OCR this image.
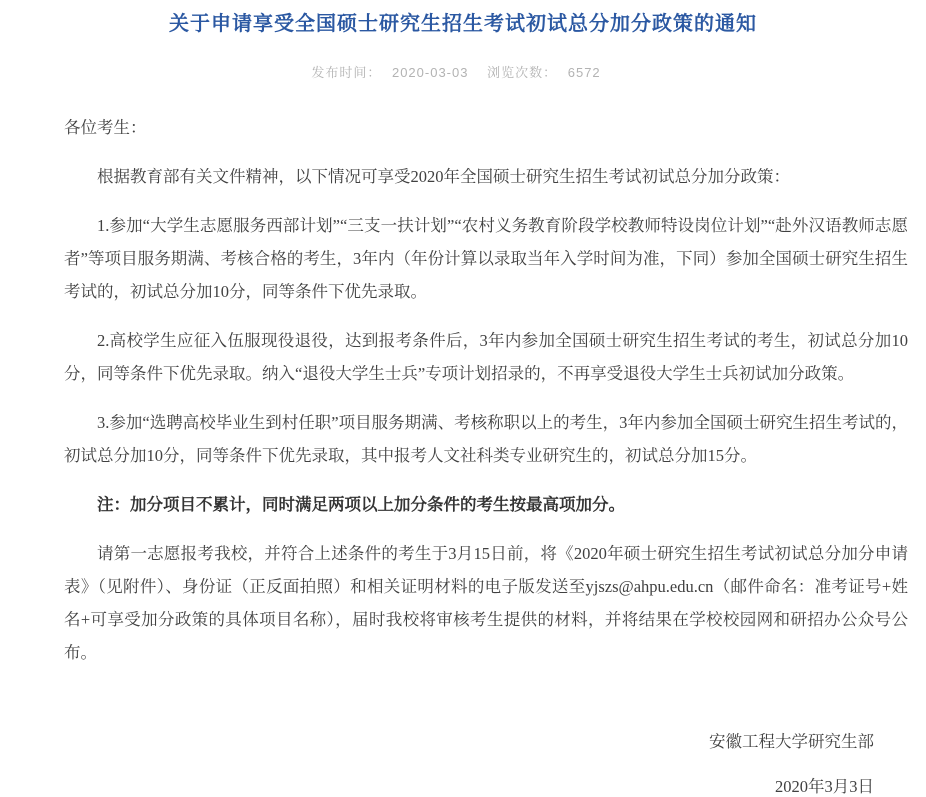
关于申请享受全国硕士研究生招生考试初试总分加分政策的通知
发布时间： 2020-03-03 浏览次数： 6572

各位考生：

根据教育部有关文件精神，以下情况可享受2020年全国硕士研究生招生考试初试总分加分政策：

1.参加“大学生志愿服务西部计划”“三支一扶计划”“农村义务教育阶段学校教师特设岗位计划”“赴外汉语教师志愿者”等项目服务期满、考核合格的考生，3年内（年份计算以录取当年入学时间为准，下同）参加全国硕士研究生招生考试的，初试总分加10分，同等条件下优先录取。

2.高校学生应征入伍服现役退役，达到报考条件后，3年内参加全国硕士研究生招生考试的考生，初试总分加10分，同等条件下优先录取。纳入“退役大学生士兵”专项计划招录的，不再享受退役大学生士兵初试加分政策。

3.参加“选聘高校毕业生到村任职”项目服务期满、考核称职以上的考生，3年内参加全国硕士研究生招生考试的，初试总分加10分，同等条件下优先录取，其中报考人文社科类专业研究生的，初试总分加15分。

注：加分项目不累计，同时满足两项以上加分条件的考生按最高项加分。

请第一志愿报考我校，并符合上述条件的考生于3月15日前，将《2020年硕士研究生招生考试初试总分加分申请表》（见附件）、身份证（正反面拍照）和相关证明材料的电子版发送至yjszs@ahpu.edu.cn（邮件命名：准考证号+姓名+可享受加分政策的具体项目名称），届时我校将审核考生提供的材料，并将结果在学校校园网和研招办公众号公布。

安徽工程大学研究生部
2020年3月3日
